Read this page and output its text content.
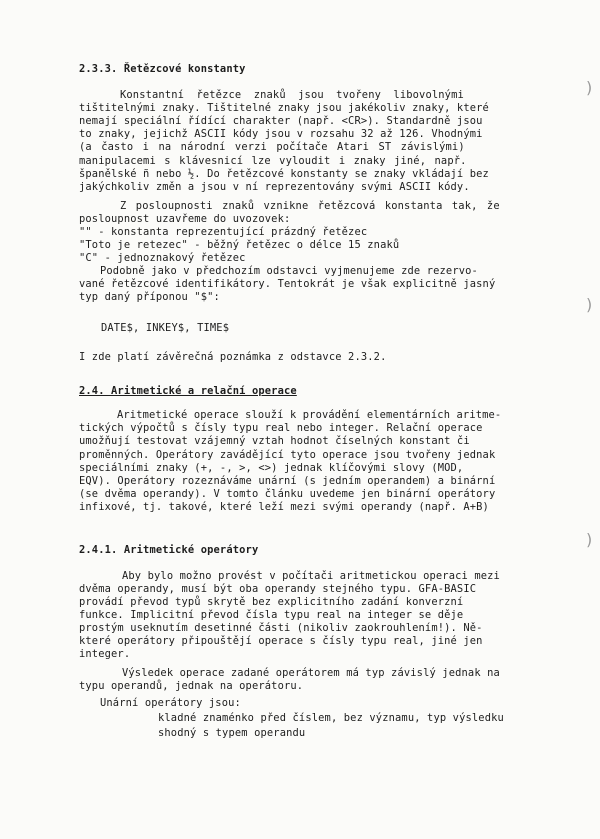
2.3.3. Řetězcové konstanty
Konstantní řetězce znaků jsou tvořeny libovolnými
tištitelnými znaky. Tištitelné znaky jsou jakékoliv znaky, které
nemají speciální řídící charakter (např. <CR>). Standardně jsou
to znaky, jejichž ASCII kódy jsou v rozsahu 32 až 126. Vhodnými
(a často i na národní verzi počítače Atari ST závislými)
manipulacemi s klávesnicí lze vyloudit i znaky jiné, např.
španělské ñ nebo ½. Do řetězcové konstanty se znaky vkládají bez
jakýchkoliv změn a jsou v ní reprezentovány svými ASCII kódy.
Z posloupnosti znaků vznikne řetězcová konstanta tak, že
posloupnost uzavřeme do uvozovek:
"" - konstanta reprezentující prázdný řetězec
"Toto je retezec" - běžný řetězec o délce 15 znaků
"C" - jednoznakový řetězec
Podobně jako v předchozím odstavci vyjmenujeme zde rezervo-
vané řetězcové identifikátory. Tentokrát je však explicitně jasný
typ daný příponou "$":
DATE$, INKEY$, TIME$
I zde platí závěrečná poznámka z odstavce 2.3.2.
2.4. Aritmetické a relační operace
Aritmetické operace slouží k provádění elementárních aritme-
tických výpočtů s čísly typu real nebo integer. Relační operace
umožňují testovat vzájemný vztah hodnot číselných konstant či
proměnných. Operátory zavádějící tyto operace jsou tvořeny jednak
speciálními znaky (+, -, >, <>) jednak klíčovými slovy (MOD,
EQV). Operátory rozeznáváme unární (s jedním operandem) a binární
(se dvěma operandy). V tomto článku uvedeme jen binární operátory
infixové, tj. takové, které leží mezi svými operandy (např. A+B)
2.4.1. Aritmetické operátory
Aby bylo možno provést v počítači aritmetickou operaci mezi
dvěma operandy, musí být oba operandy stejného typu. GFA-BASIC
provádí převod typů skrytě bez explicitního zadání konverzní
funkce. Implicitní převod čísla typu real na integer se děje
prostým useknutím desetinné části (nikoliv zaokrouhlením!). Ně-
které operátory připouštějí operace s čísly typu real, jiné jen
integer.
Výsledek operace zadané operátorem má typ závislý jednak na
typu operandů, jednak na operátoru.
Unární operátory jsou:
kladné znaménko před číslem, bez významu, typ výsledku
shodný s typem operandu
)
)
)
